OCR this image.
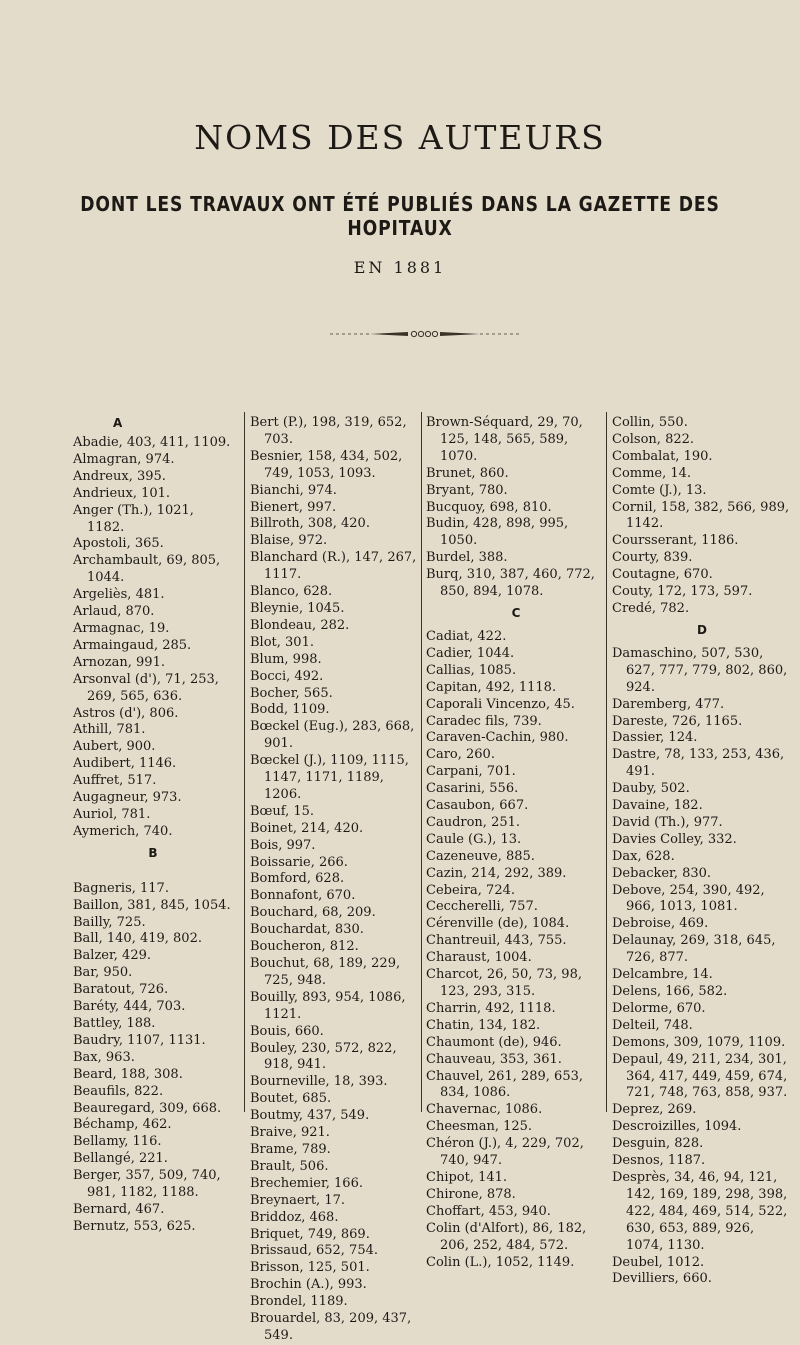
NOMS DES AUTEURS
DONT LES TRAVAUX ONT ÉTÉ PUBLIÉS DANS LA GAZETTE DES HOPITAUX
EN 1881
A
Abadie, 403, 411, 1109.
Almagran, 974.
Andreux, 395.
Andrieux, 101.
Anger (Th.), 1021, 1182.
Apostoli, 365.
Archambault, 69, 805, 1044.
Argeliès, 481.
Arlaud, 870.
Armagnac, 19.
Armaingaud, 285.
Arnozan, 991.
Arsonval (d'), 71, 253, 269, 565, 636.
Astros (d'), 806.
Athill, 781.
Aubert, 900.
Audibert, 1146.
Auffret, 517.
Augagneur, 973.
Auriol, 781.
Aymerich, 740.
B
Bagneris, 117.
Baillon, 381, 845, 1054.
Bailly, 725.
Ball, 140, 419, 802.
Balzer, 429.
Bar, 950.
Baratout, 726.
Baréty, 444, 703.
Battley, 188.
Baudry, 1107, 1131.
Bax, 963.
Beard, 188, 308.
Beaufils, 822.
Beauregard, 309, 668.
Béchamp, 462.
Bellamy, 116.
Bellangé, 221.
Berger, 357, 509, 740, 981, 1182, 1188.
Bernard, 467.
Bernutz, 553, 625.
Bert (P.), 198, 319, 652, 703.
Besnier, 158, 434, 502, 749, 1053, 1093.
Bianchi, 974.
Bienert, 997.
Billroth, 308, 420.
Blaise, 972.
Blanchard (R.), 147, 267, 1117.
Blanco, 628.
Bleynie, 1045.
Blondeau, 282.
Blot, 301.
Blum, 998.
Bocci, 492.
Bocher, 565.
Bodd, 1109.
Bœckel (Eug.), 283, 668, 901.
Bœckel (J.), 1109, 1115, 1147, 1171, 1189, 1206.
Bœuf, 15.
Boinet, 214, 420.
Bois, 997.
Boissarie, 266.
Bomford, 628.
Bonnafont, 670.
Bouchard, 68, 209.
Bouchardat, 830.
Boucheron, 812.
Bouchut, 68, 189, 229, 725, 948.
Bouilly, 893, 954, 1086, 1121.
Bouis, 660.
Bouley, 230, 572, 822, 918, 941.
Bourneville, 18, 393.
Boutet, 685.
Boutmy, 437, 549.
Braive, 921.
Brame, 789.
Brault, 506.
Brechemier, 166.
Breynaert, 17.
Briddoz, 468.
Briquet, 749, 869.
Brissaud, 652, 754.
Brisson, 125, 501.
Brochin (A.), 993.
Brondel, 1189.
Brouardel, 83, 209, 437, 549.
Brown-Séquard, 29, 70, 125, 148, 565, 589, 1070.
Brunet, 860.
Bryant, 780.
Bucquoy, 698, 810.
Budin, 428, 898, 995, 1050.
Burdel, 388.
Burq, 310, 387, 460, 772, 850, 894, 1078.
C
Cadiat, 422.
Cadier, 1044.
Callias, 1085.
Capitan, 492, 1118.
Caporali Vincenzo, 45.
Caradec fils, 739.
Caraven-Cachin, 980.
Caro, 260.
Carpani, 701.
Casarini, 556.
Casaubon, 667.
Caudron, 251.
Caule (G.), 13.
Cazeneuve, 885.
Cazin, 214, 292, 389.
Cebeira, 724.
Ceccherelli, 757.
Cérenville (de), 1084.
Chantreuil, 443, 755.
Charaust, 1004.
Charcot, 26, 50, 73, 98, 123, 293, 315.
Charrin, 492, 1118.
Chatin, 134, 182.
Chaumont (de), 946.
Chauveau, 353, 361.
Chauvel, 261, 289, 653, 834, 1086.
Chavernac, 1086.
Cheesman, 125.
Chéron (J.), 4, 229, 702, 740, 947.
Chipot, 141.
Chirone, 878.
Choffart, 453, 940.
Colin (d'Alfort), 86, 182, 206, 252, 484, 572.
Colin (L.), 1052, 1149.
Collin, 550.
Colson, 822.
Combalat, 190.
Comme, 14.
Comte (J.), 13.
Cornil, 158, 382, 566, 989, 1142.
Coursserant, 1186.
Courty, 839.
Coutagne, 670.
Couty, 172, 173, 597.
Credé, 782.
D
Damaschino, 507, 530, 627, 777, 779, 802, 860, 924.
Daremberg, 477.
Dareste, 726, 1165.
Dassier, 124.
Dastre, 78, 133, 253, 436, 491.
Dauby, 502.
Davaine, 182.
David (Th.), 977.
Davies Colley, 332.
Dax, 628.
Debacker, 830.
Debove, 254, 390, 492, 966, 1013, 1081.
Debroise, 469.
Delaunay, 269, 318, 645, 726, 877.
Delcambre, 14.
Delens, 166, 582.
Delorme, 670.
Delteil, 748.
Demons, 309, 1079, 1109.
Depaul, 49, 211, 234, 301, 364, 417, 449, 459, 674, 721, 748, 763, 858, 937.
Deprez, 269.
Descroizilles, 1094.
Desguin, 828.
Desnos, 1187.
Desprès, 34, 46, 94, 121, 142, 169, 189, 298, 398, 422, 484, 469, 514, 522, 630, 653, 889, 926, 1074, 1130.
Deubel, 1012.
Devilliers, 660.
